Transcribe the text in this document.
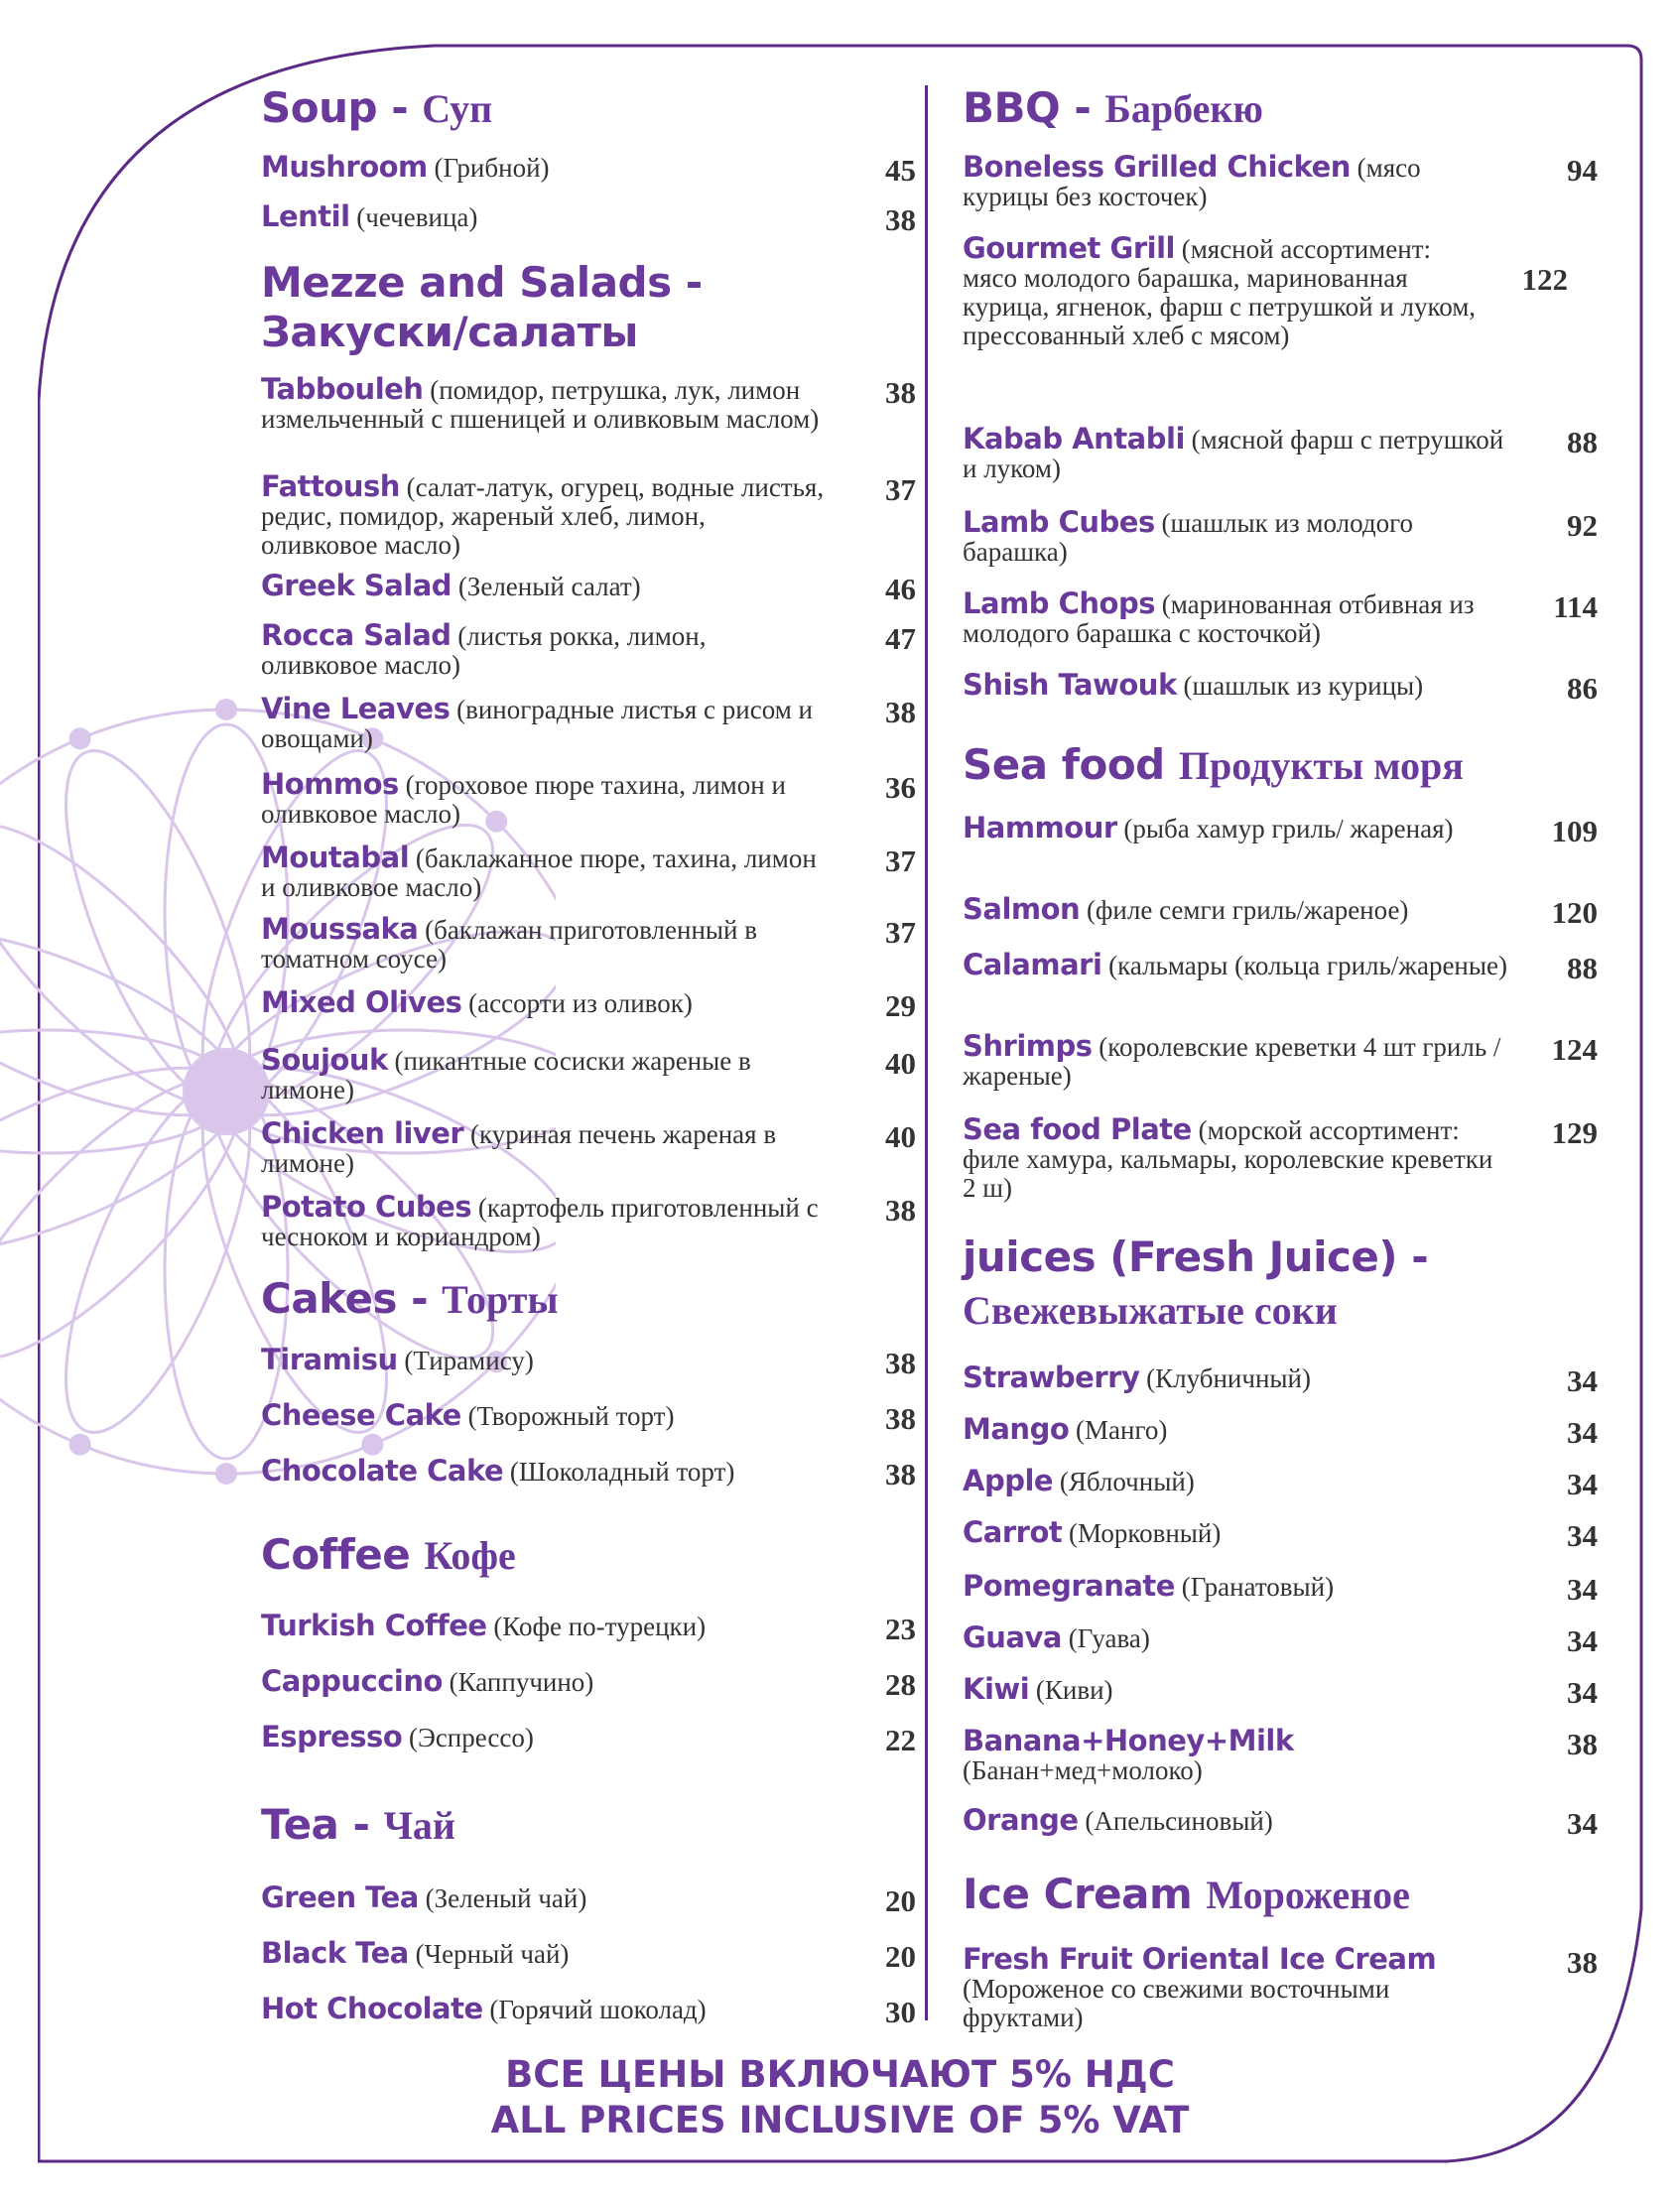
Soup - Суп
Mushroom (Грибной)	45
Lentil (чечевица)	38
Mezze and Salads -
Закуски/салаты
Tabbouleh (помидор, петрушка, лук, лимон измельченный с пшеницей и оливковым маслом)
38
Fattoush (салат-латук, огурец, водные листья, редис, помидор, жареный хлеб, лимон, оливковое масло)
37
Greek Salad (Зеленый салат)	46
Rocca Salad (листья рокка, лимон, оливковое масло)
47
Vine Leaves (виноградные листья с рисом и овощами)
38
Hommos (гороховое пюре тахина, лимон и оливковое масло)
36
Moutabal (баклажанное пюре, тахина, лимон и оливковое масло)
37
Moussaka (баклажан приготовленный в томатном соусе)
37
Mixed Olives (ассорти из оливок)	29
Soujouk (пикантные сосиски жареные в лимоне)
40
Chicken liver (куриная печень жареная в лимоне)
40
Potato Cubes (картофель приготовленный с чесноком и кориандром)
38
Cakes - Торты
Tiramisu (Тирамису)	38
Cheese Cake (Творожный торт)	38
Chocolate Cake (Шоколадный торт)	38
Coffee Кофе
Turkish Coffee (Кофе по-турецки)	23
Cappuccino (Каппучино)	28
Espresso (Эспрессо)	22
Tea - Чай
Green Tea (Зеленый чай)	20
Black Tea (Черный чай)	20
Hot Chocolate (Горячий шоколад)	30
BBQ - Барбекю
Boneless Grilled Chicken (мясо курицы без косточек)
94
Gourmet Grill (мясной ассортимент: мясо молодого барашка, маринованная курица, ягненок, фарш с петрушкой и луком, прессованный хлеб с мясом)
122
Kabab Antabli (мясной фарш с петрушкой и луком)
88
Lamb Cubes (шашлык из молодого барашка)
92
Lamb Chops (маринованная отбивная из молодого барашка с косточкой)
114
Shish Tawouk (шашлык из курицы)	86
Sea food Продукты моря
Hammour (рыба хамур гриль/ жареная)	109
Salmon (филе семги гриль/жареное)	120
Calamari (кальмары (кольца гриль/жареные)	88
Shrimps (королевские креветки 4 шт гриль / жареные)
124
Sea food Plate (морской ассортимент: филе хамура, кальмары, королевские креветки 2 ш)
129
juices (Fresh Juice) -
Свежевыжатые соки
Strawberry (Клубничный)	34
Mango (Манго)	34
Apple (Яблочный)	34
Carrot (Морковный)	34
Pomegranate (Гранатовый)	34
Guava (Гуава)	34
Kiwi (Киви)	34
Banana+Honey+Milk (Банан+мед+молоко)
38
Orange (Апельсиновый)	34
Ice Cream Мороженое
Fresh Fruit Oriental Ice Cream (Мороженое со свежими восточными фруктами)
38
ВСЕ ЦЕНЫ ВКЛЮЧАЮТ 5% НДС
ALL PRICES INCLUSIVE OF 5% VAT
